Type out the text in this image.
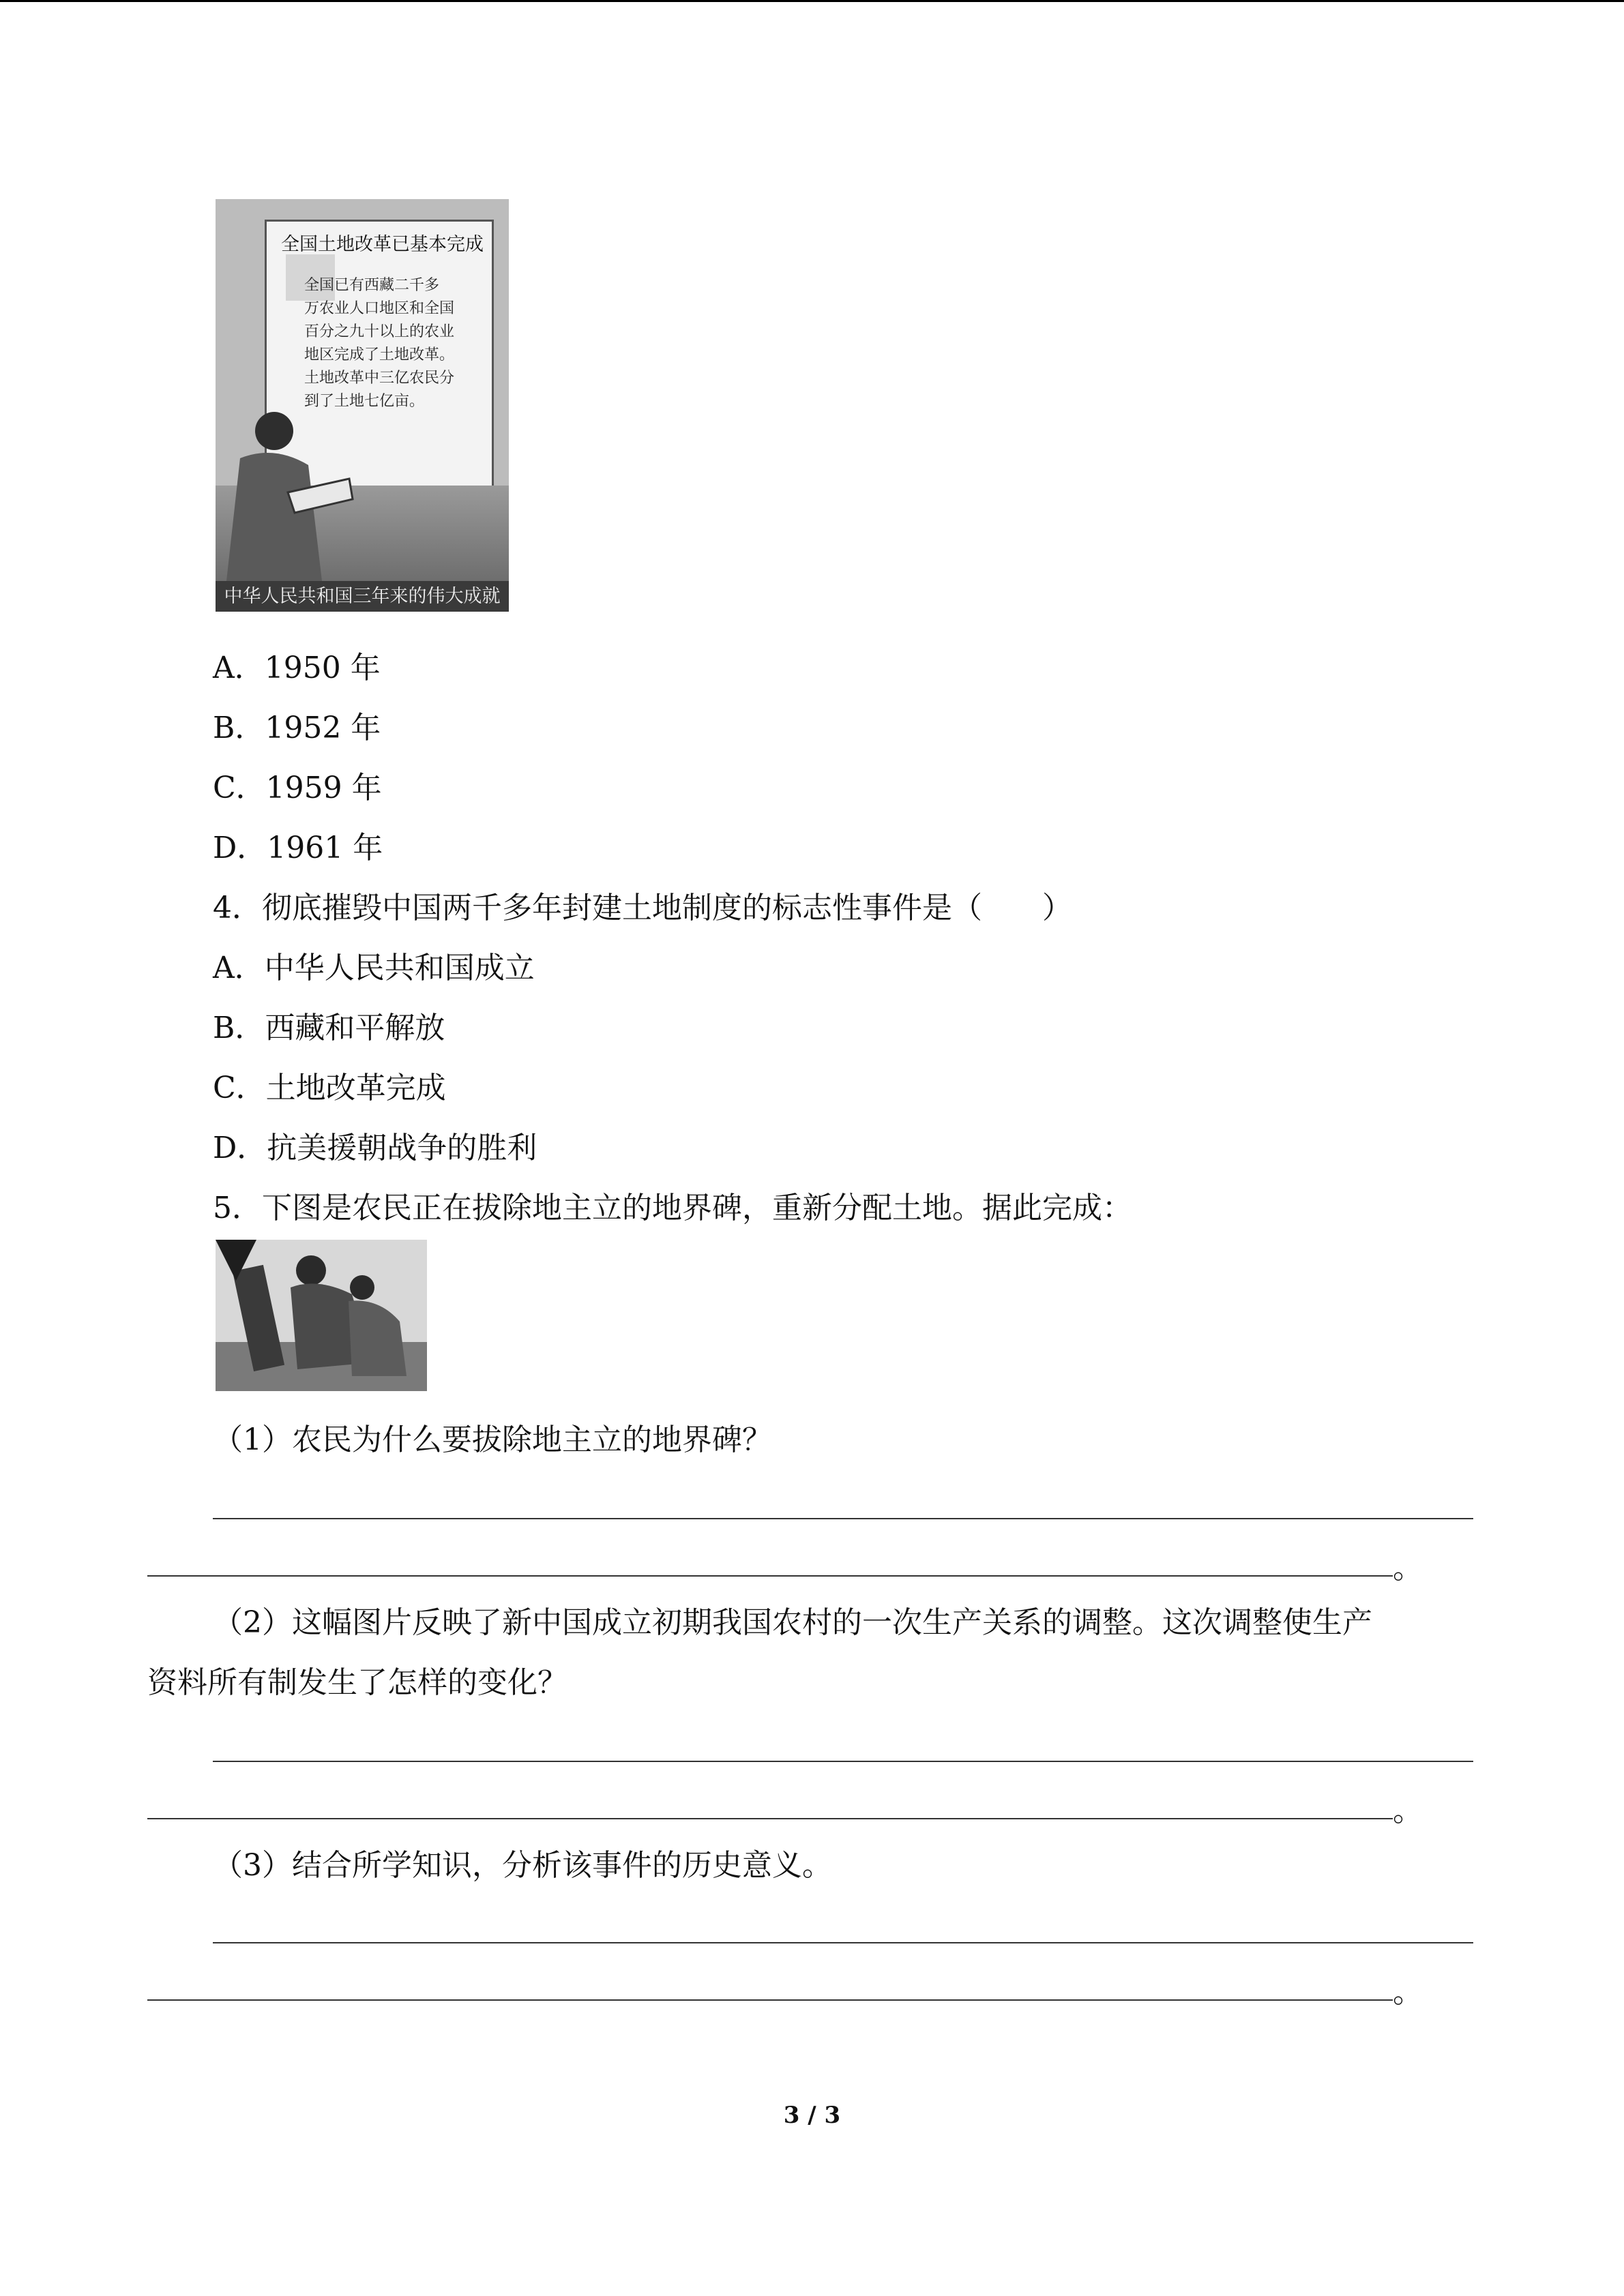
全国土地改革已基本完成
全国已有西藏二千多
万农业人口地区和全国
百分之九十以上的农业
地区完成了土地改革。
土地改革中三亿农民分
到了土地七亿亩。
中华人民共和国三年来的伟大成就
A．1950 年
B．1952 年
C．1959 年
D．1961 年
4．彻底摧毁中国两千多年封建土地制度的标志性事件是（　　）
A．中华人民共和国成立
B．西藏和平解放
C．土地改革完成
D．抗美援朝战争的胜利
5．下图是农民正在拔除地主立的地界碑，重新分配土地。据此完成：
（1）农民为什么要拔除地主立的地界碑？
。
（2）这幅图片反映了新中国成立初期我国农村的一次生产关系的调整。这次调整使生产
资料所有制发生了怎样的变化？
。
（3）结合所学知识，分析该事件的历史意义。
。
3 / 3
